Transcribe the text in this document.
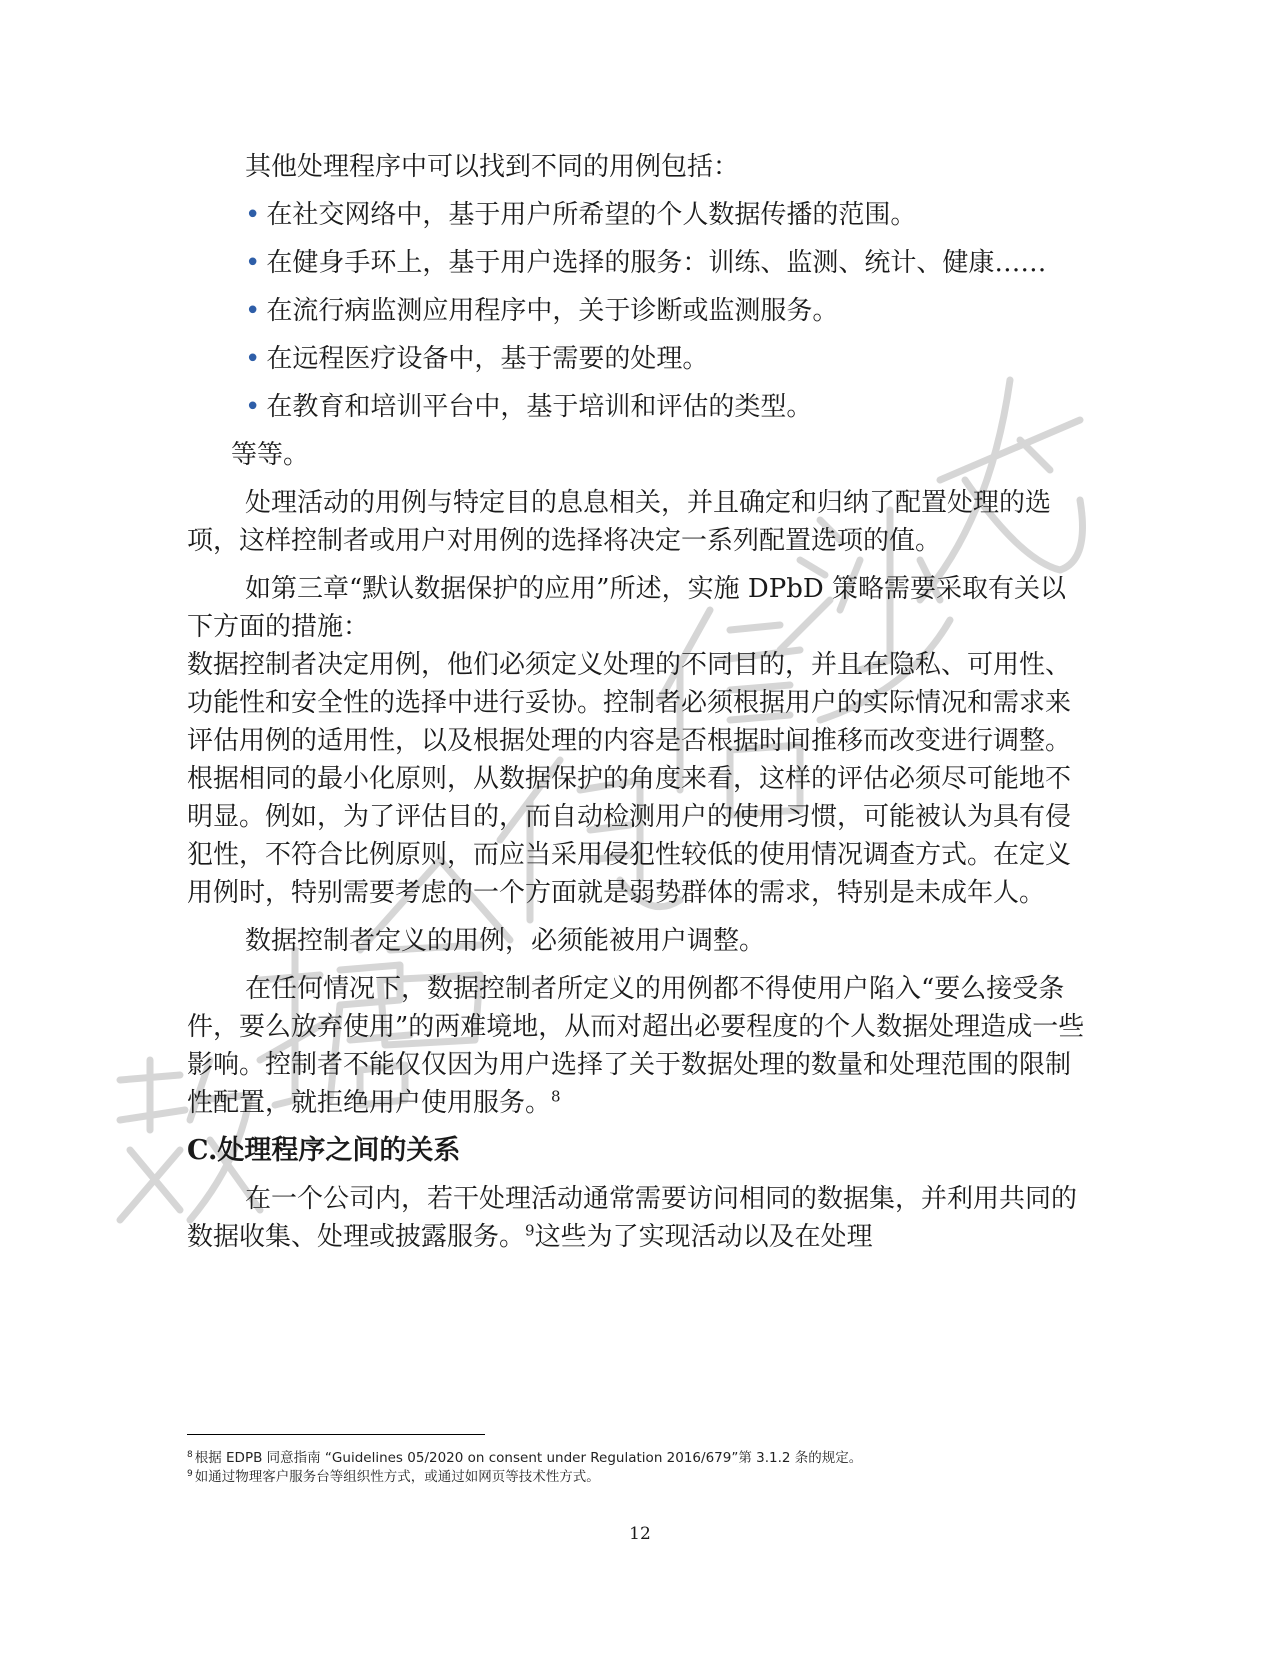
其他处理程序中可以找到不同的用例包括：

• 在社交网络中，基于用户所希望的个人数据传播的范围。

• 在健身手环上，基于用户选择的服务：训练、监测、统计、健康……

• 在流行病监测应用程序中，关于诊断或监测服务。

• 在远程医疗设备中，基于需要的处理。

• 在教育和培训平台中，基于培训和评估的类型。

等等。

处理活动的用例与特定目的息息相关，并且确定和归纳了配置处理的选项，这样控制者或用户对用例的选择将决定一系列配置选项的值。

如第三章“默认数据保护的应用”所述，实施 DPbD 策略需要采取有关以下方面的措施：

数据控制者决定用例，他们必须定义处理的不同目的，并且在隐私、可用性、功能性和安全性的选择中进行妥协。控制者必须根据用户的实际情况和需求来评估用例的适用性，以及根据处理的内容是否根据时间推移而改变进行调整。根据相同的最小化原则，从数据保护的角度来看，这样的评估必须尽可能地不明显。例如，为了评估目的，而自动检测用户的使用习惯，可能被认为具有侵犯性，不符合比例原则，而应当采用侵犯性较低的使用情况调查方式。在定义用例时，特别需要考虑的一个方面就是弱势群体的需求，特别是未成年人。

数据控制者定义的用例，必须能被用户调整。

在任何情况下，数据控制者所定义的用例都不得使用户陷入“要么接受条件，要么放弃使用”的两难境地，从而对超出必要程度的个人数据处理造成一些影响。控制者不能仅仅因为用户选择了关于数据处理的数量和处理范围的限制性配置，就拒绝用户使用服务。$^8$

C.处理程序之间的关系

在一个公司内，若干处理活动通常需要访问相同的数据集，并利用共同的数据收集、处理或披露服务。$^9$这些为了实现活动以及在处理

$^8$ 根据 EDPB 同意指南 “Guidelines 05/2020 on consent under Regulation 2016/679”第 3.1.2 条的规定。

$^9$ 如通过物理客户服务台等组织性方式，或通过如网页等技术性方式。

12
